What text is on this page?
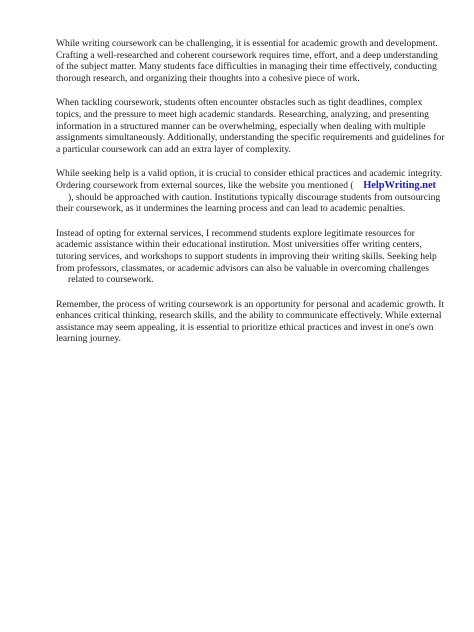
While writing coursework can be challenging, it is essential for academic growth and development.
Crafting a well-researched and coherent coursework requires time, effort, and a deep understanding
of the subject matter. Many students face difficulties in managing their time effectively, conducting
thorough research, and organizing their thoughts into a cohesive piece of work.

When tackling coursework, students often encounter obstacles such as tight deadlines, complex
topics, and the pressure to meet high academic standards. Researching, analyzing, and presenting
information in a structured manner can be overwhelming, especially when dealing with multiple
assignments simultaneously. Additionally, understanding the specific requirements and guidelines for
a particular coursework can add an extra layer of complexity.

While seeking help is a valid option, it is crucial to consider ethical practices and academic integrity.
Ordering coursework from external sources, like the website you mentioned ( HelpWriting.net
), should be approached with caution. Institutions typically discourage students from outsourcing
their coursework, as it undermines the learning process and can lead to academic penalties.

Instead of opting for external services, I recommend students explore legitimate resources for
academic assistance within their educational institution. Most universities offer writing centers,
tutoring services, and workshops to support students in improving their writing skills. Seeking help
from professors, classmates, or academic advisors can also be valuable in overcoming challenges
related to coursework.

Remember, the process of writing coursework is an opportunity for personal and academic growth. It
enhances critical thinking, research skills, and the ability to communicate effectively. While external
assistance may seem appealing, it is essential to prioritize ethical practices and invest in one's own
learning journey.
